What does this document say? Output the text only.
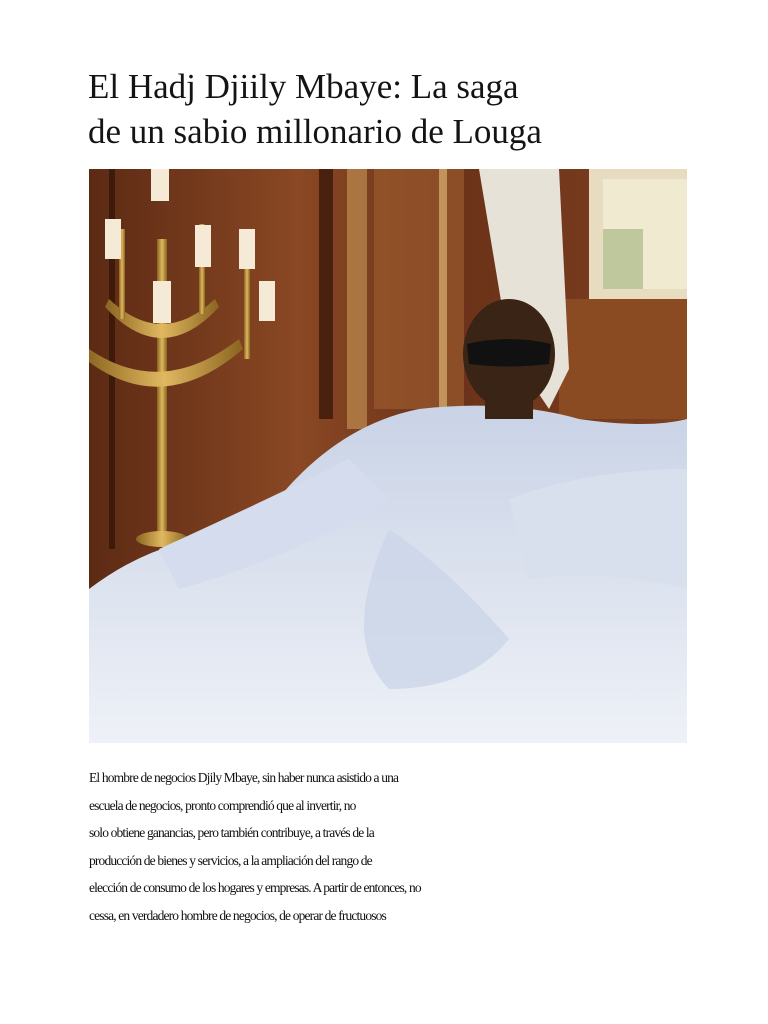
El Hadj Djiily Mbaye: La saga
de un sabio millonario de Louga
El hombre de negocios Djily Mbaye, sin haber nunca asistido a una
escuela de negocios, pronto comprendió que al invertir, no
solo obtiene ganancias, pero también contribuye, a través de la
producción de bienes y servicios, a la ampliación del rango de
elección de consumo de los hogares y empresas. A partir de entonces, no
cessa, en verdadero hombre de negocios, de operar de fructuosos
